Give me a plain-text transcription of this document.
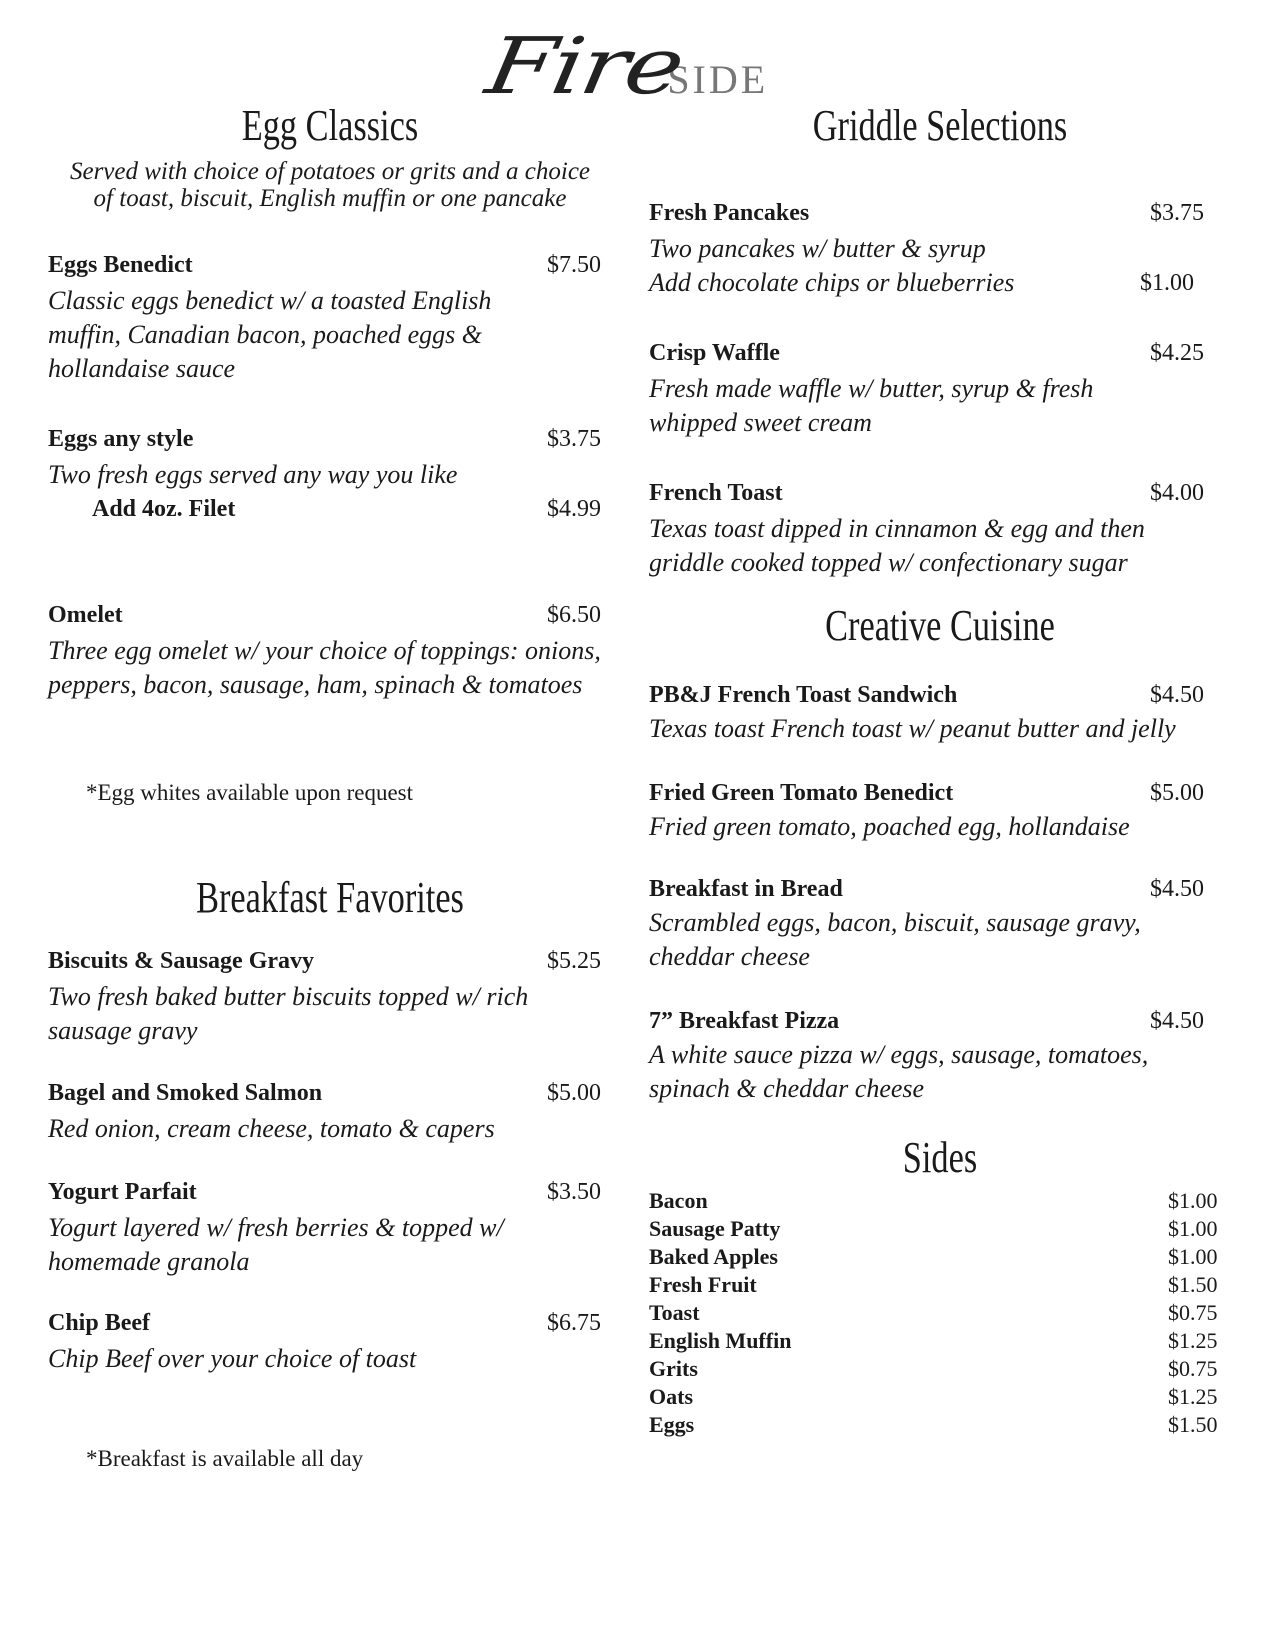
FireSIDE
Egg Classics
Served with choice of potatoes or grits and a choice
of toast, biscuit, English muffin or one pancake
Eggs Benedict	$7.50
Classic eggs benedict w/ a toasted English muffin, Canadian bacon, poached eggs & hollandaise sauce
Eggs any style	$3.75
Two fresh eggs served any way you like
Add 4oz. Filet	$4.99
Omelet	$6.50
Three egg omelet w/ your choice of toppings: onions, peppers, bacon, sausage, ham, spinach & tomatoes
*Egg whites available upon request
Breakfast Favorites
Biscuits & Sausage Gravy	$5.25
Two fresh baked butter biscuits topped w/ rich sausage gravy
Bagel and Smoked Salmon	$5.00
Red onion, cream cheese, tomato & capers
Yogurt Parfait	$3.50
Yogurt layered w/ fresh berries & topped w/ homemade granola
Chip Beef	$6.75
Chip Beef over your choice of toast
*Breakfast is available all day
Griddle Selections
Fresh Pancakes	$3.75
Two pancakes w/ butter & syrup
Add chocolate chips or blueberries	$1.00
Crisp Waffle	$4.25
Fresh made waffle w/ butter, syrup & fresh whipped sweet cream
French Toast	$4.00
Texas toast dipped in cinnamon & egg and then griddle cooked topped w/ confectionary sugar
Creative Cuisine
PB&J French Toast Sandwich	$4.50
Texas toast French toast w/ peanut butter and jelly
Fried Green Tomato Benedict	$5.00
Fried green tomato, poached egg, hollandaise
Breakfast in Bread	$4.50
Scrambled eggs, bacon, biscuit, sausage gravy, cheddar cheese
7” Breakfast Pizza	$4.50
A white sauce pizza w/ eggs, sausage, tomatoes, spinach & cheddar cheese
Sides
Bacon	$1.00
Sausage Patty	$1.00
Baked Apples	$1.00
Fresh Fruit	$1.50
Toast	$0.75
English Muffin	$1.25
Grits	$0.75
Oats	$1.25
Eggs	$1.50
